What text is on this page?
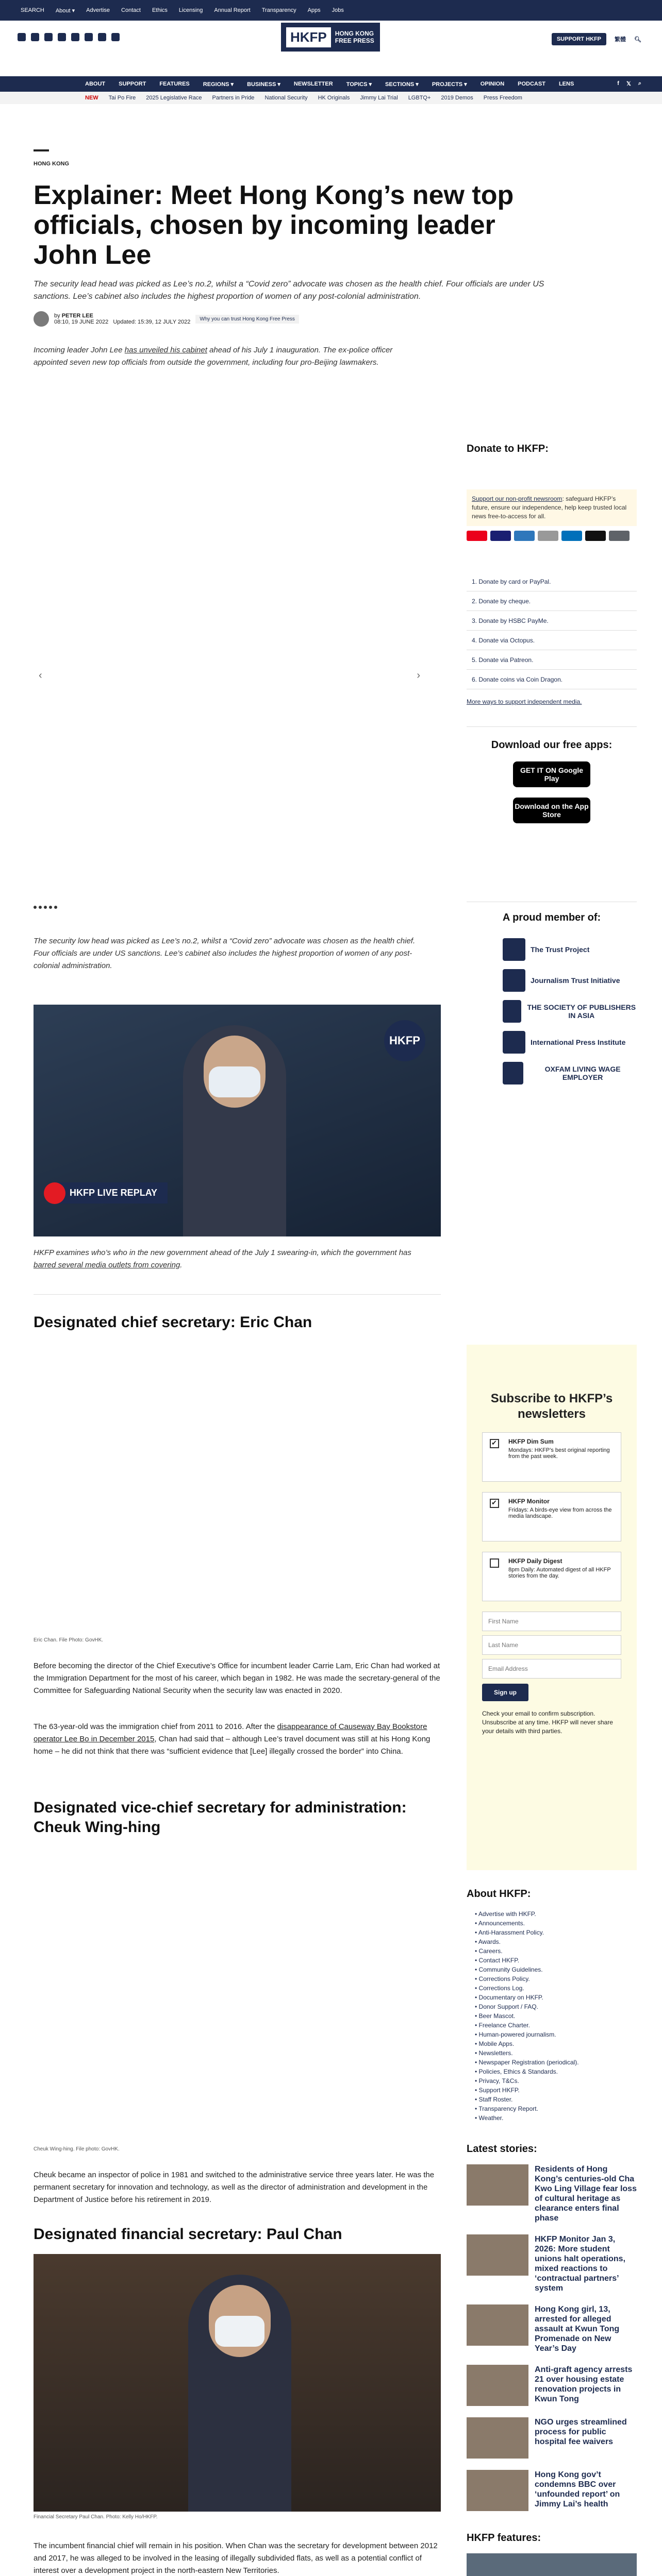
SEARCH About ▾ Advertise Contact Ethics Licensing Annual Report Transparency Apps Jobs
SUPPORT HKFP	繁體 🔍︎
HKFP	HONG KONG
FREE PRESS
ABOUT SUPPORT FEATURES REGIONS ▾ BUSINESS ▾ NEWSLETTER TOPICS ▾ SECTIONS ▾ PROJECTS ▾ OPINION PODCAST LENS	f 𝕏 ⌕
NEW Tai Po Fire 2025 Legislative Race Partners in Pride National Security HK Originals Jimmy Lai Trial LGBTQ+ 2019 Demos Press Freedom
HONG KONG
Explainer: Meet Hong Kong’s new top officials, chosen by incoming leader John Lee

The security lead head was picked as Lee’s no.2, whilst a “Covid zero” advocate was chosen as the health chief. Four officials are under US sanctions. Lee’s cabinet also includes the highest proportion of women of any post-colonial administration.

by PETER LEE
08:10, 19 JUNE 2022 Updated: 15:39, 12 JULY 2022	Why you can trust Hong Kong Free Press

Incoming leader John Lee has unveiled his cabinet ahead of his July 1 inauguration. The ex-police officer appointed seven new top officials from outside the government, including four pro-Beijing lawmakers.

‹	›

The security low head was picked as Lee’s no.2, whilst a “Covid zero” advocate was chosen as the health chief. Four officials are under US sanctions. Lee’s cabinet also includes the highest proportion of women of any post-colonial administration.

HKFP
HKFP LIVE REPLAY

HKFP examines who’s who in the new government ahead of the July 1 swearing-in, which the government has barred several media outlets from covering.

Designated chief secretary: Eric Chan
Eric Chan. File Photo: GovHK.

Before becoming the director of the Chief Executive’s Office for incumbent leader Carrie Lam, Eric Chan had worked at the Immigration Department for the most of his career, which began in 1982. He was made the secretary-general of the Committee for Safeguarding National Security when the security law was enacted in 2020.

The 63-year-old was the immigration chief from 2011 to 2016. After the disappearance of Causeway Bay Bookstore operator Lee Bo in December 2015, Chan had said that – although Lee’s travel document was still at his Hong Kong home – he did not think that there was “sufficient evidence that [Lee] illegally crossed the border” into China.

Designated vice-chief secretary for administration: Cheuk Wing-hing
Cheuk Wing-hing. File photo: GovHK.

Cheuk became an inspector of police in 1981 and switched to the administrative service three years later. He was the permanent secretary for innovation and technology, as well as the director of administration and development in the Department of Justice before his retirement in 2019.

Designated financial secretary: Paul Chan
Financial Secretary Paul Chan. Photo: Kelly Ho/HKFP.

The incumbent financial chief will remain in his position. When Chan was the secretary for development between 2012 and 2017, he was alleged to be involved in the leasing of illegally subdivided flats, as well as a potential conflict of interest over a development project in the north-eastern New Territories.

Donate to HKFP:
Support our non-profit newsroom: safeguard HKFP’s future, ensure our independence, help keep trusted local news free-to-access for all.
1. Donate by card or PayPal.
2. Donate by cheque.
3. Donate by HSBC PayMe.
4. Donate via Octopus.
5. Donate via Patreon.
6. Donate coins via Coin Dragon.
More ways to support independent media.
Download our free apps:
GET IT ON Google Play
Download on the App Store
A proud member of:
The Trust Project
Journalism Trust Initiative
THE SOCIETY OF PUBLISHERS IN ASIA
International Press Institute
OXFAM LIVING WAGE EMPLOYER
Subscribe to HKFP’s newsletters
✔
HKFP Dim Sum
Mondays: HKFP’s best original reporting from the past week.
✔
HKFP Monitor
Fridays: A birds-eye view from across the media landscape.
HKFP Daily Digest
8pm Daily: Automated digest of all HKFP stories from the day.
First Name
Last Name
Email Address
Sign up

Check your email to confirm subscription. Unsubscribe at any time. HKFP will never share your details with third parties.

About HKFP:
• Advertise with HKFP.
• Announcements.
• Anti-Harassment Policy.
• Awards.
• Careers.
• Contact HKFP.
• Community Guidelines.
• Corrections Policy.
• Corrections Log.
• Documentary on HKFP.
• Donor Support / FAQ.
• Beer Mascot.
• Freelance Charter.
• Human-powered journalism.
• Mobile Apps.
• Newsletters.
• Newspaper Registration (periodical).
• Policies, Ethics & Standards.
• Privacy, T&Cs.
• Support HKFP.
• Staff Roster.
• Transparency Report.
• Weather.
Latest stories:
Residents of Hong Kong’s centuries-old Cha Kwo Ling Village fear loss of cultural heritage as clearance enters final phase
HKFP Monitor Jan 3, 2026: More student unions halt operations, mixed reactions to ‘contractual partners’ system
Hong Kong girl, 13, arrested for alleged assault at Kwun Tong Promenade on New Year’s Day
Anti-graft agency arrests 21 over housing estate renovation projects in Kwun Tong
NGO urges streamlined process for public hospital fee waivers
Hong Kong gov’t condemns BBC over ‘unfounded report’ on Jimmy Lai’s health
HKFP features:
